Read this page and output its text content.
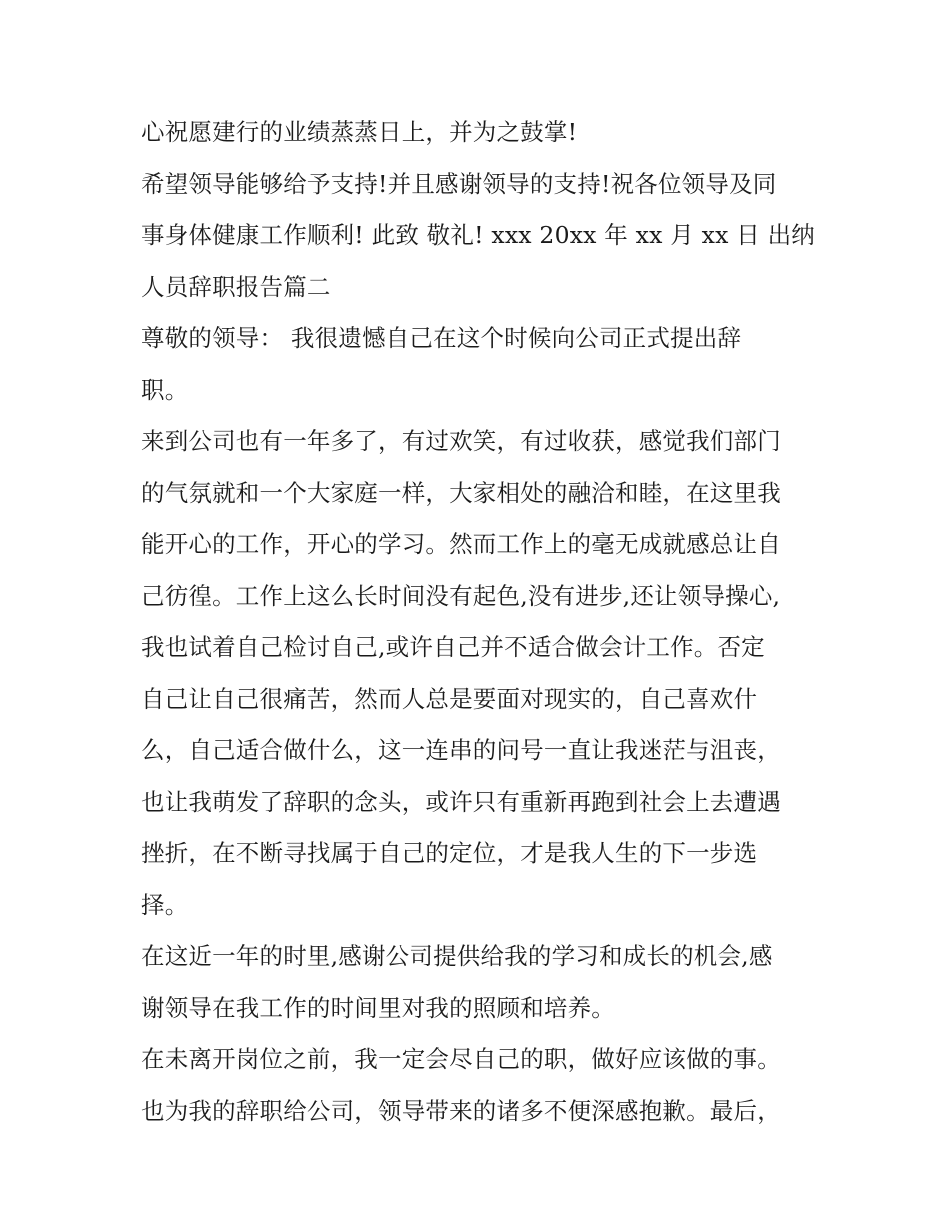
心祝愿建行的业绩蒸蒸日上，并为之鼓掌!
希望领导能够给予支持!并且感谢领导的支持!祝各位领导及同
事身体健康工作顺利! 此致 敬礼! xxx 20xx 年 xx 月 xx 日 出纳
人员辞职报告篇二
尊敬的领导： 我很遗憾自己在这个时候向公司正式提出辞
职。
来到公司也有一年多了，有过欢笑，有过收获，感觉我们部门
的气氛就和一个大家庭一样，大家相处的融洽和睦，在这里我
能开心的工作，开心的学习。然而工作上的毫无成就感总让自
己彷徨。工作上这么长时间没有起色,没有进步,还让领导操心,
我也试着自己检讨自己,或许自己并不适合做会计工作。否定
自己让自己很痛苦，然而人总是要面对现实的，自己喜欢什
么，自己适合做什么，这一连串的问号一直让我迷茫与沮丧，
也让我萌发了辞职的念头，或许只有重新再跑到社会上去遭遇
挫折，在不断寻找属于自己的定位，才是我人生的下一步选
择。
在这近一年的时里,感谢公司提供给我的学习和成长的机会,感
谢领导在我工作的时间里对我的照顾和培养。
在未离开岗位之前，我一定会尽自己的职，做好应该做的事。
也为我的辞职给公司，领导带来的诸多不便深感抱歉。最后，
